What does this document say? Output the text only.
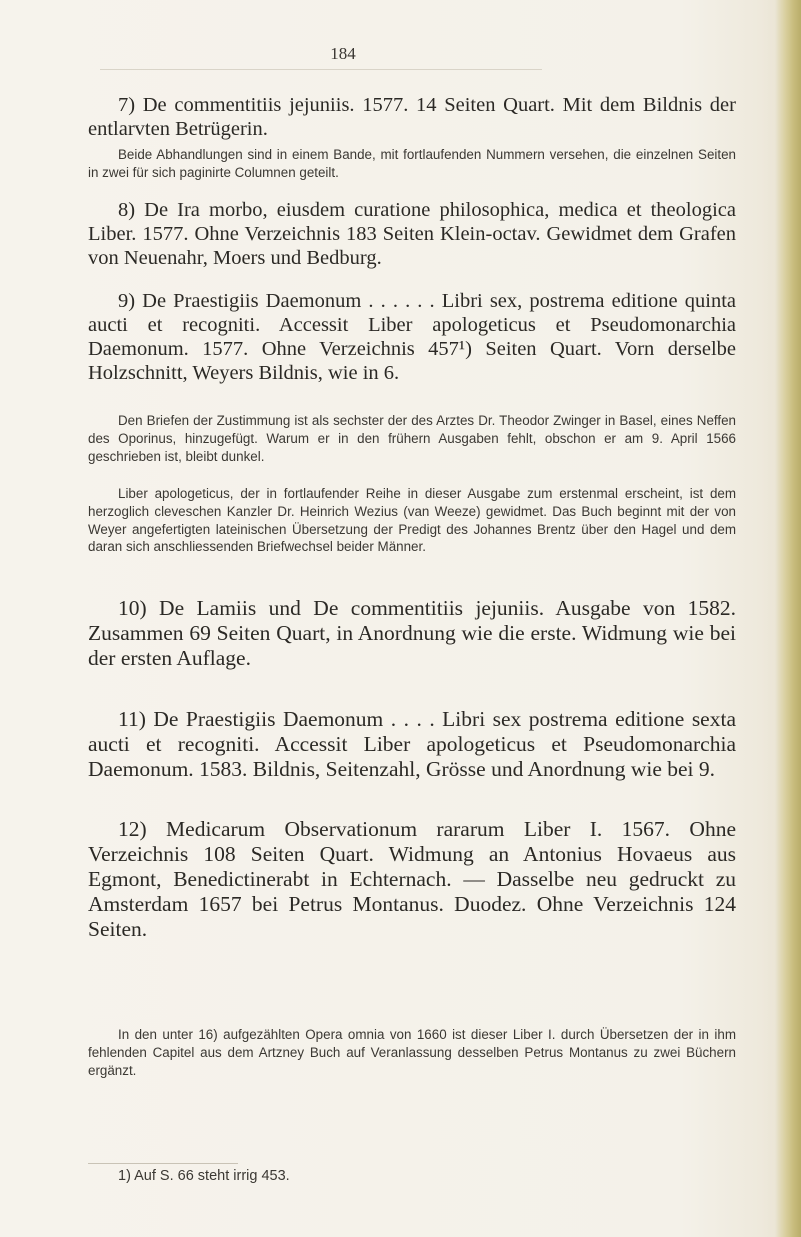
184

7) De commentitiis jejuniis. 1577. 14 Seiten Quart. Mit dem Bildnis der entlarvten Betrügerin.

Beide Abhandlungen sind in einem Bande, mit fortlaufenden Nummern versehen, die einzelnen Seiten in zwei für sich paginirte Columnen geteilt.

8) De Ira morbo, eiusdem curatione philosophica, medica et theologica Liber. 1577. Ohne Verzeichnis 183 Seiten Klein-octav. Gewidmet dem Grafen von Neuenahr, Moers und Bedburg.

9) De Praestigiis Daemonum . . . . . . Libri sex, postrema editione quinta aucti et recogniti. Accessit Liber apologeticus et Pseudomonarchia Daemonum. 1577. Ohne Verzeichnis 457¹) Seiten Quart. Vorn derselbe Holzschnitt, Weyers Bildnis, wie in 6.

Den Briefen der Zustimmung ist als sechster der des Arztes Dr. Theodor Zwinger in Basel, eines Neffen des Oporinus, hinzugefügt. Warum er in den frühern Ausgaben fehlt, obschon er am 9. April 1566 geschrieben ist, bleibt dunkel.

Liber apologeticus, der in fortlaufender Reihe in dieser Ausgabe zum erstenmal erscheint, ist dem herzoglich cleveschen Kanzler Dr. Heinrich Wezius (van Weeze) gewidmet. Das Buch beginnt mit der von Weyer angefertigten lateinischen Übersetzung der Predigt des Johannes Brentz über den Hagel und dem daran sich anschliessenden Briefwechsel beider Männer.

10) De Lamiis und De commentitiis jejuniis. Ausgabe von 1582. Zusammen 69 Seiten Quart, in Anordnung wie die erste. Widmung wie bei der ersten Auflage.

11) De Praestigiis Daemonum . . . . Libri sex postrema editione sexta aucti et recogniti. Accessit Liber apologeticus et Pseudomonarchia Daemonum. 1583. Bildnis, Seitenzahl, Grösse und Anordnung wie bei 9.

12) Medicarum Observationum rararum Liber I. 1567. Ohne Verzeichnis 108 Seiten Quart. Widmung an Antonius Hovaeus aus Egmont, Benedictinerabt in Echternach. — Dasselbe neu gedruckt zu Amsterdam 1657 bei Petrus Montanus. Duodez. Ohne Verzeichnis 124 Seiten.

In den unter 16) aufgezählten Opera omnia von 1660 ist dieser Liber I. durch Übersetzen der in ihm fehlenden Capitel aus dem Artzney Buch auf Veranlassung desselben Petrus Montanus zu zwei Büchern ergänzt.

1) Auf S. 66 steht irrig 453.
